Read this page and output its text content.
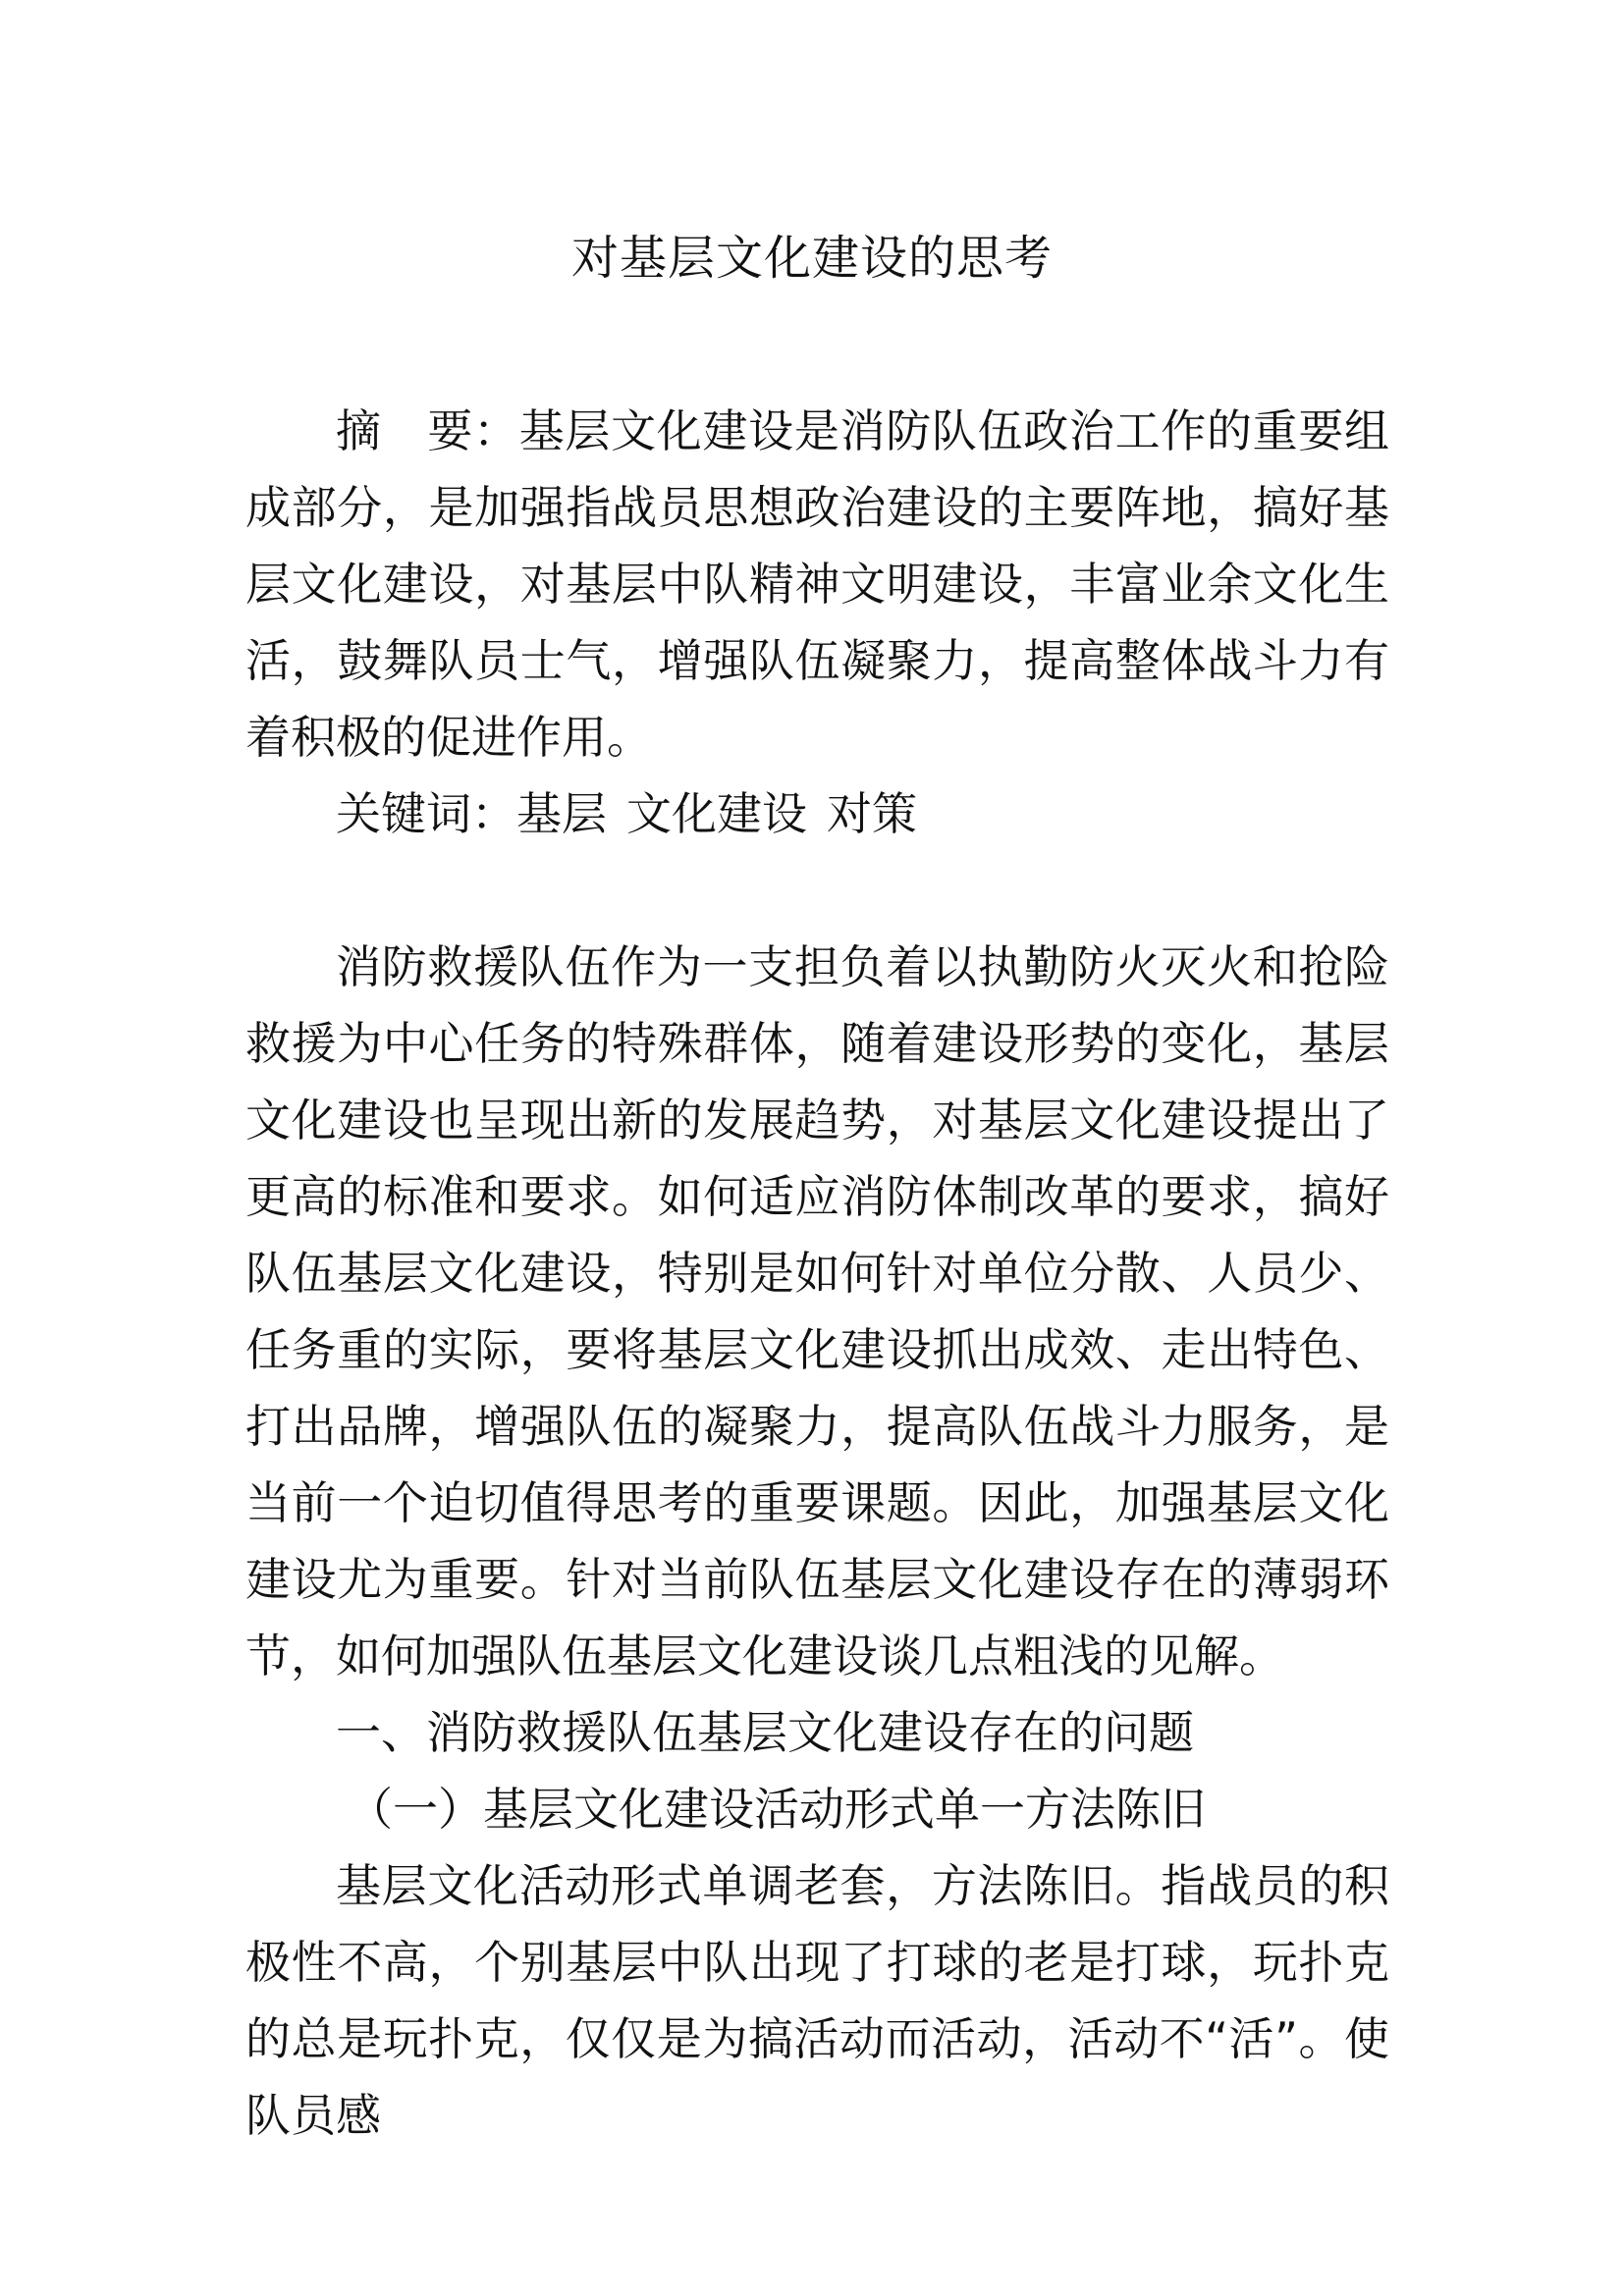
对基层文化建设的思考

摘 要：基层文化建设是消防队伍政治工作的重要组成部分，是加强指战员思想政治建设的主要阵地，搞好基层文化建设，对基层中队精神文明建设，丰富业余文化生活，鼓舞队员士气，增强队伍凝聚力，提高整体战斗力有着积极的促进作用。

关键词：基层 文化建设 对策

消防救援队伍作为一支担负着以执勤防火灭火和抢险救援为中心任务的特殊群体，随着建设形势的变化，基层文化建设也呈现出新的发展趋势，对基层文化建设提出了更高的标准和要求。如何适应消防体制改革的要求，搞好队伍基层文化建设，特别是如何针对单位分散、人员少、任务重的实际，要将基层文化建设抓出成效、走出特色、打出品牌，增强队伍的凝聚力，提高队伍战斗力服务，是当前一个迫切值得思考的重要课题。因此，加强基层文化建设尤为重要。针对当前队伍基层文化建设存在的薄弱环节，如何加强队伍基层文化建设谈几点粗浅的见解。

一、消防救援队伍基层文化建设存在的问题

（一）基层文化建设活动形式单一方法陈旧

基层文化活动形式单调老套，方法陈旧。指战员的积极性不高，个别基层中队出现了打球的老是打球，玩扑克的总是玩扑克，仅仅是为搞活动而活动，活动不“活”。使队员感
